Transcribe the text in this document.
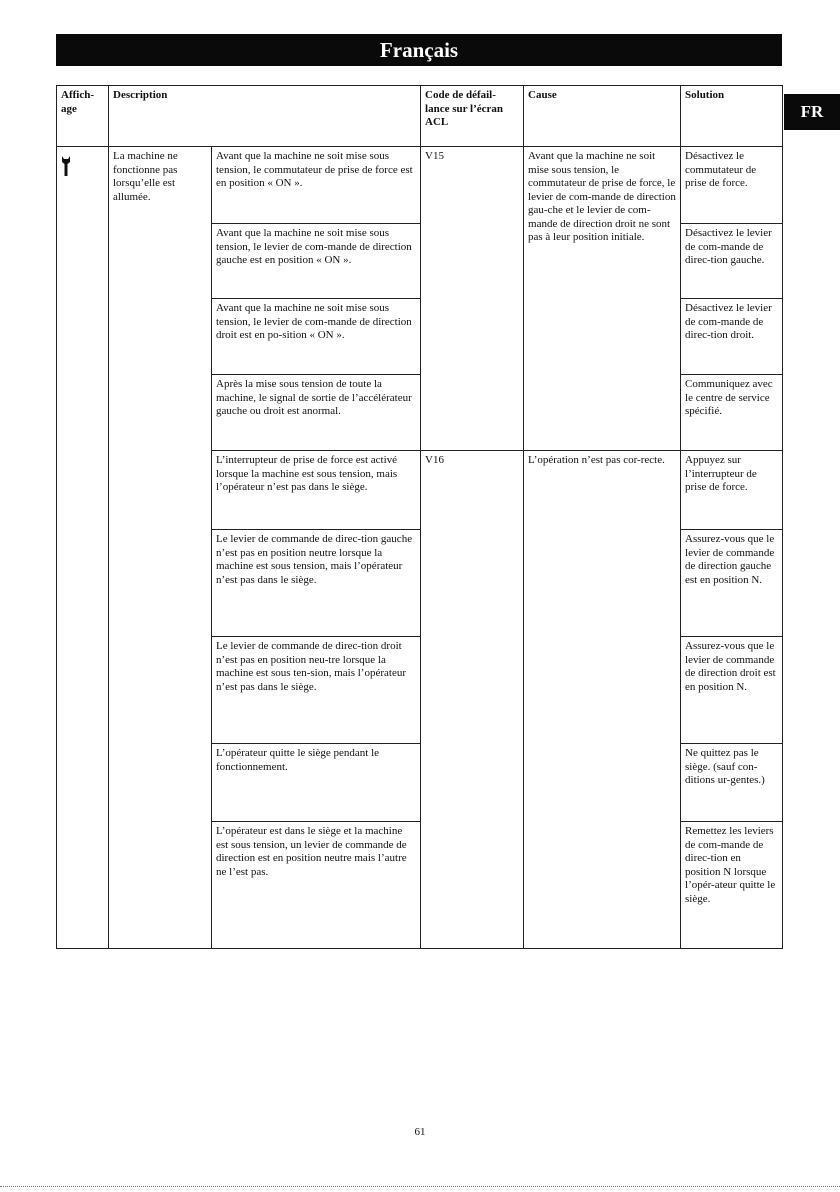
Français
FR
Affich-age	Description		Code de défail-lance sur l’écran ACL	Cause	Solution

	La machine ne fonctionne pas lorsqu’elle est allumée.	Avant que la machine ne soit mise sous tension, le commutateur de prise de force est en position « ON ».	V15	Avant que la machine ne soit mise sous tension, le commutateur de prise de force, le levier de com-mande de direction gau-che et le levier de com-mande de direction droit ne sont pas à leur position initiale.	Désactivez le commutateur de prise de force.
		Avant que la machine ne soit mise sous tension, le levier de com-mande de direction gauche est en position « ON ».			Désactivez le levier de com-mande de direc-tion gauche.
		Avant que la machine ne soit mise sous tension, le levier de com-mande de direction droit est en po-sition « ON ».			Désactivez le levier de com-mande de direc-tion droit.
		Après la mise sous tension de toute la machine, le signal de sortie de l’accélérateur gauche ou droit est anormal.			Communiquez avec le centre de service spécifié.
		L’interrupteur de prise de force est activé lorsque la machine est sous tension, mais l’opérateur n’est pas dans le siège.	V16	L’opération n’est pas cor-recte.	Appuyez sur l’interrupteur de prise de force.
		Le levier de commande de direc-tion gauche n’est pas en position neutre lorsque la machine est sous tension, mais l’opérateur n’est pas dans le siège.			Assurez-vous que le levier de commande de direction gauche est en position N.
		Le levier de commande de direc-tion droit n’est pas en position neu-tre lorsque la machine est sous ten-sion, mais l’opérateur n’est pas dans le siège.			Assurez-vous que le levier de commande de direction droit est en position N.
		L’opérateur quitte le siège pendant le fonctionnement.			Ne quittez pas le siège. (sauf con-ditions ur-gentes.)
		L’opérateur est dans le siège et la machine est sous tension, un levier de commande de direction est en position neutre mais l’autre ne l’est pas.			Remettez les leviers de com-mande de direc-tion en position N lorsque l’opér-ateur quitte le siège.
61
